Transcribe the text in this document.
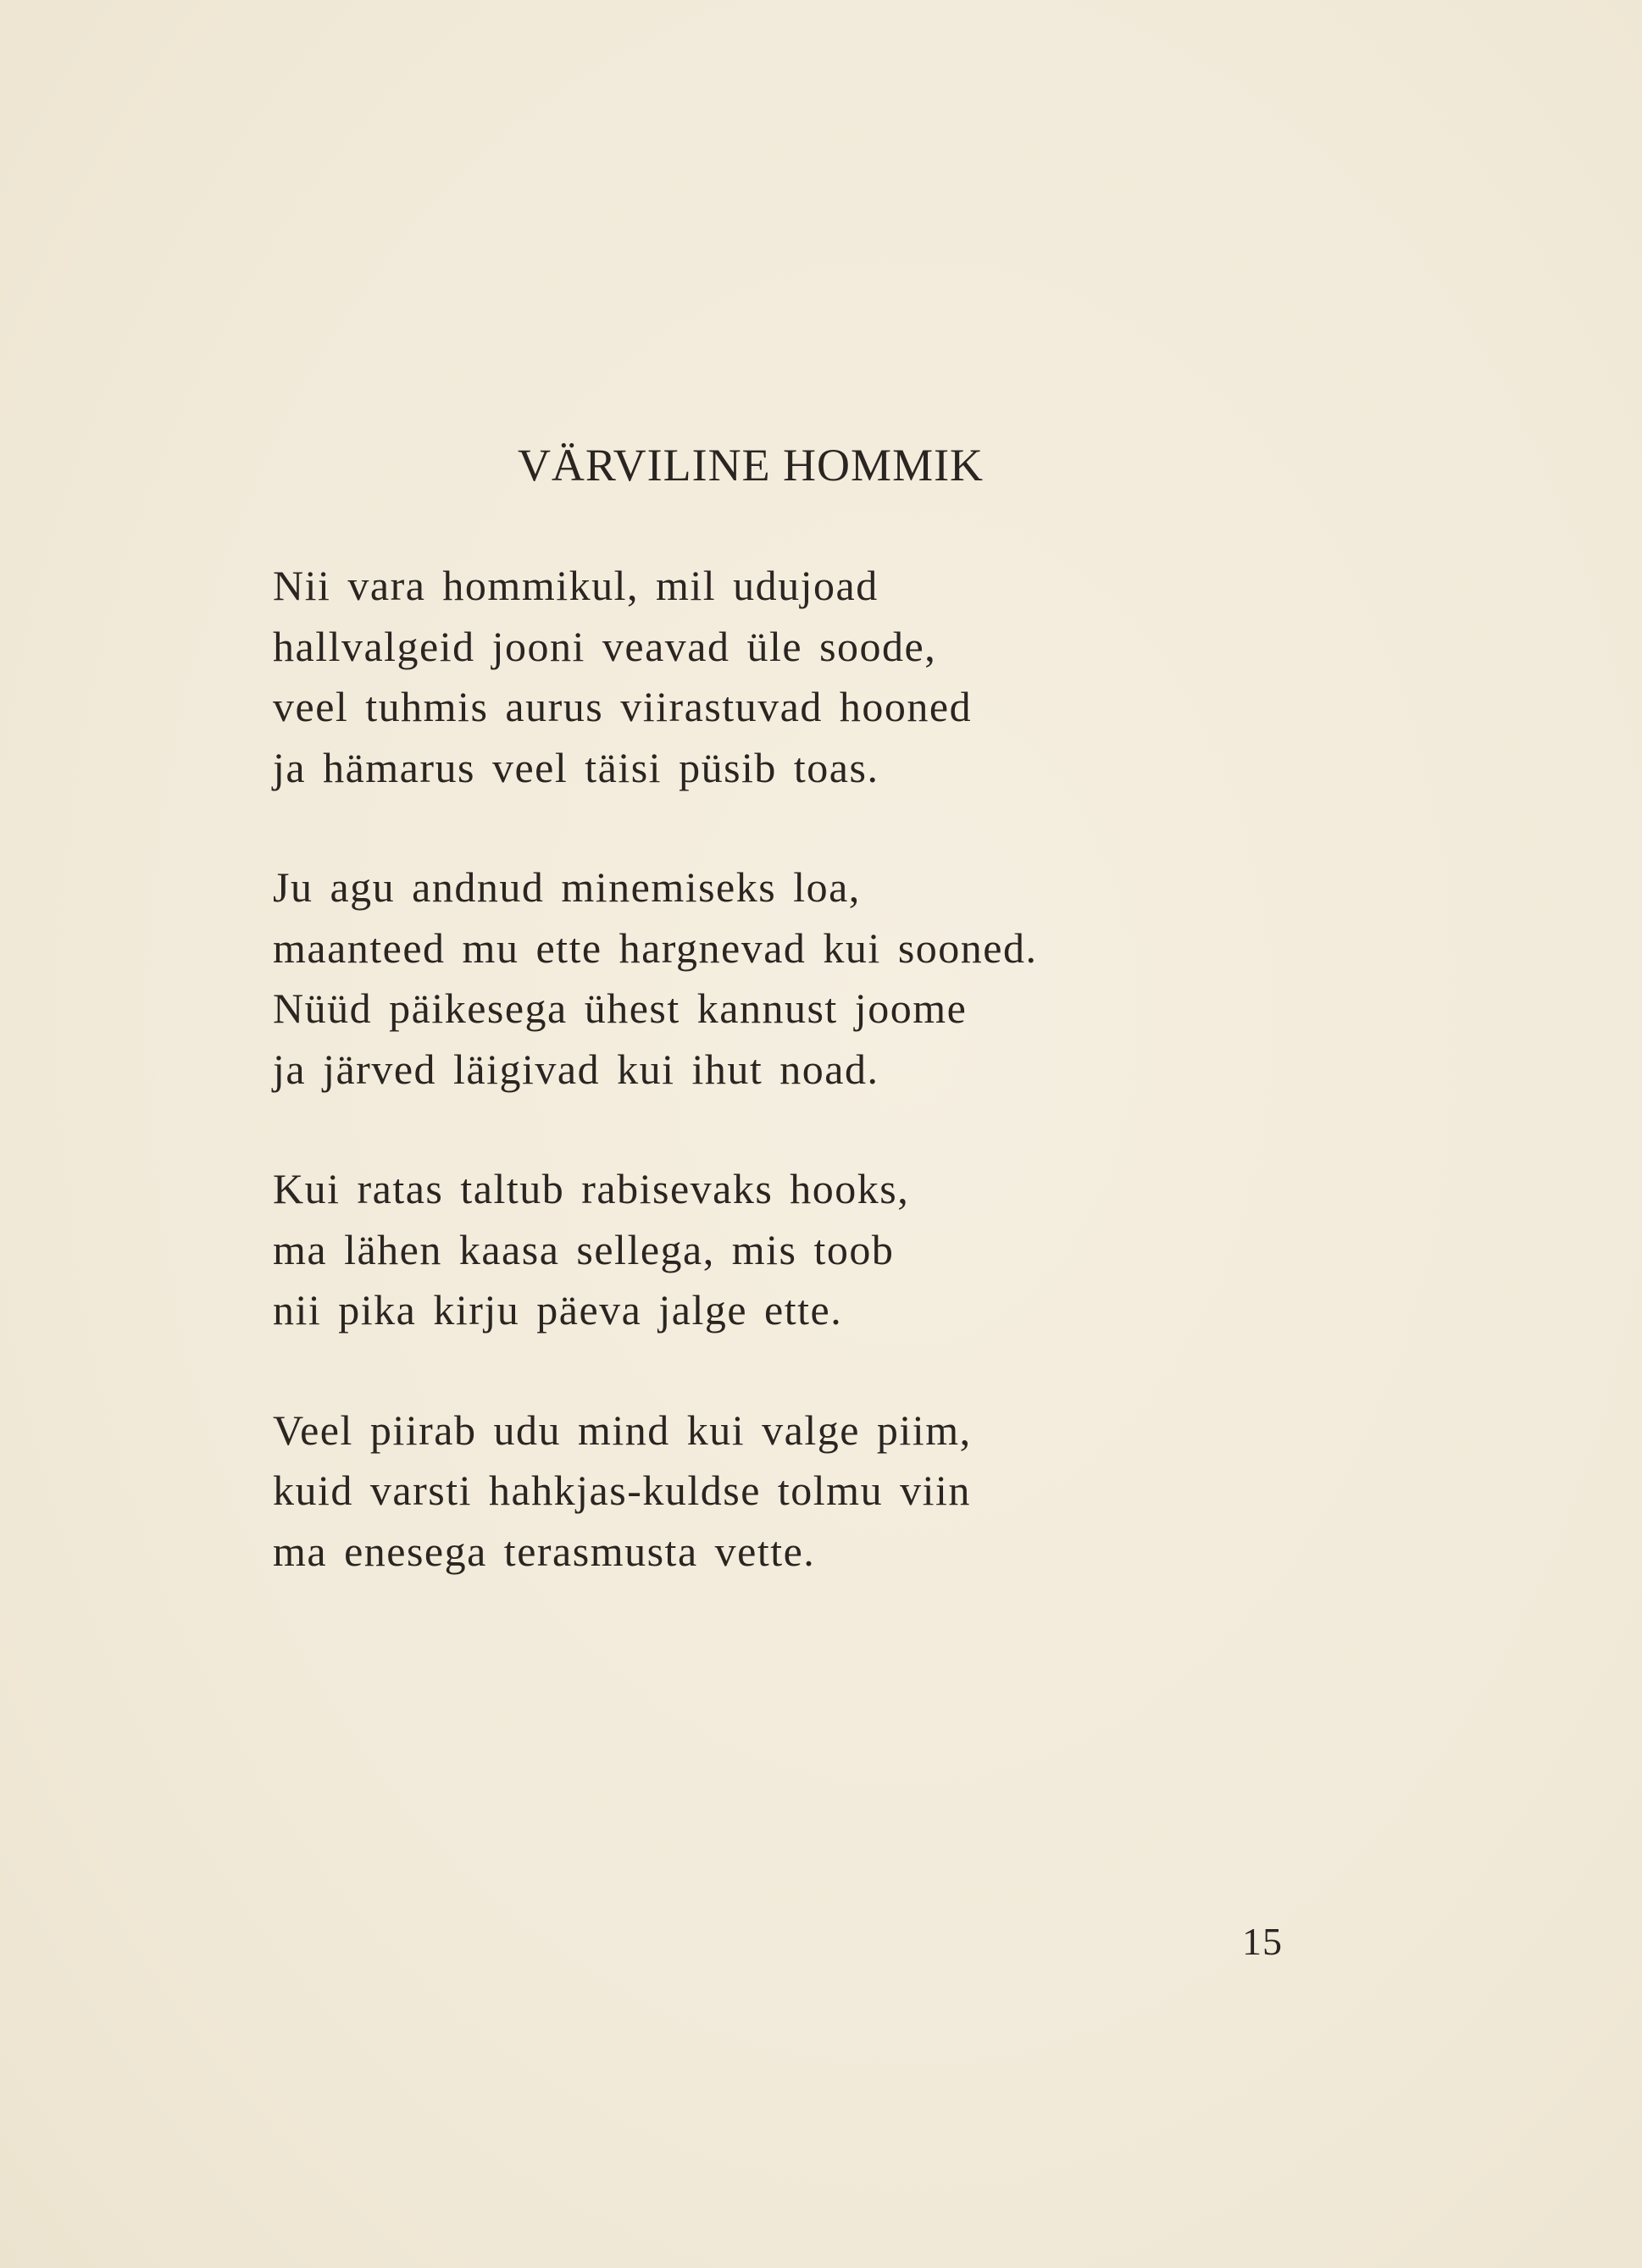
VÄRVILINE HOMMIK
Nii vara hommikul, mil udujoad
hallvalgeid jooni veavad üle soode,
veel tuhmis aurus viirastuvad hooned
ja hämarus veel täisi püsib toas.
Ju agu andnud minemiseks loa,
maanteed mu ette hargnevad kui sooned.
Nüüd päikesega ühest kannust joome
ja järved läigivad kui ihut noad.
Kui ratas taltub rabisevaks hooks,
ma lähen kaasa sellega, mis toob
nii pika kirju päeva jalge ette.
Veel piirab udu mind kui valge piim,
kuid varsti hahkjas-kuldse tolmu viin
ma enesega terasmusta vette.
15
